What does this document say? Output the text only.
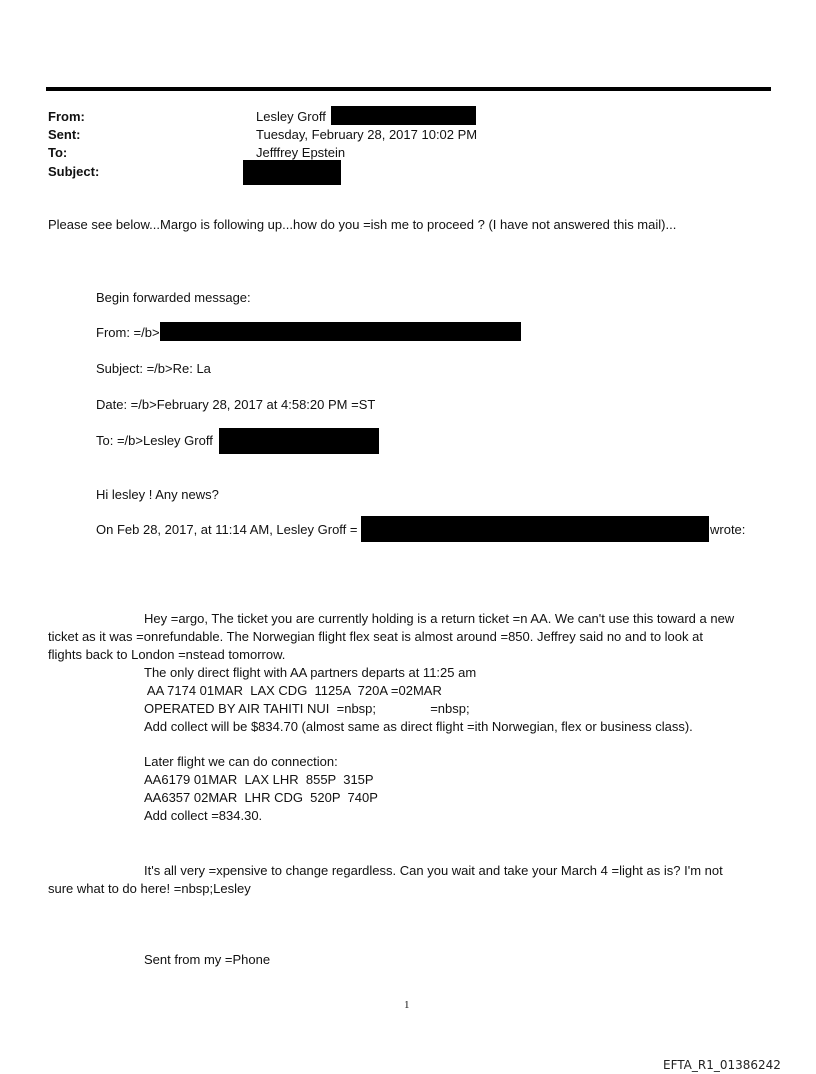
From:	Lesley Groff
Sent:	Tuesday, February 28, 2017 10:02 PM
To:	Jefffrey Epstein
Subject:
Please see below...Margo is following up...how do you =ish me to proceed ? (I have not answered this mail)...
Begin forwarded message:
From: =/b>
Subject: =/b>Re: La
Date: =/b>February 28, 2017 at 4:58:20 PM =ST
To: =/b>Lesley Groff
Hi lesley ! Any news?
On Feb 28, 2017, at 11:14 AM, Lesley Groff =	wrote:
Hey =argo, The ticket you are currently holding is a return ticket =n AA. We can't use this toward a new
ticket as it was =onrefundable. The Norwegian flight flex seat is almost around =850. Jeffrey said no and to look at
flights back to London =nstead tomorrow.
The only direct flight with AA partners departs at 11:25 am
AA 7174 01MAR  LAX CDG  1125A  720A =02MAR
OPERATED BY AIR TAHITI NUI  =nbsp;               =nbsp;
Add collect will be $834.70 (almost same as direct flight =ith Norwegian, flex or business class).
Later flight we can do connection:
AA6179 01MAR  LAX LHR  855P  315P
AA6357 02MAR  LHR CDG  520P  740P
Add collect =834.30.
It's all very =xpensive to change regardless. Can you wait and take your March 4 =light as is? I'm not
sure what to do here! =nbsp;Lesley
Sent from my =Phone
1
EFTA_R1_01386242
